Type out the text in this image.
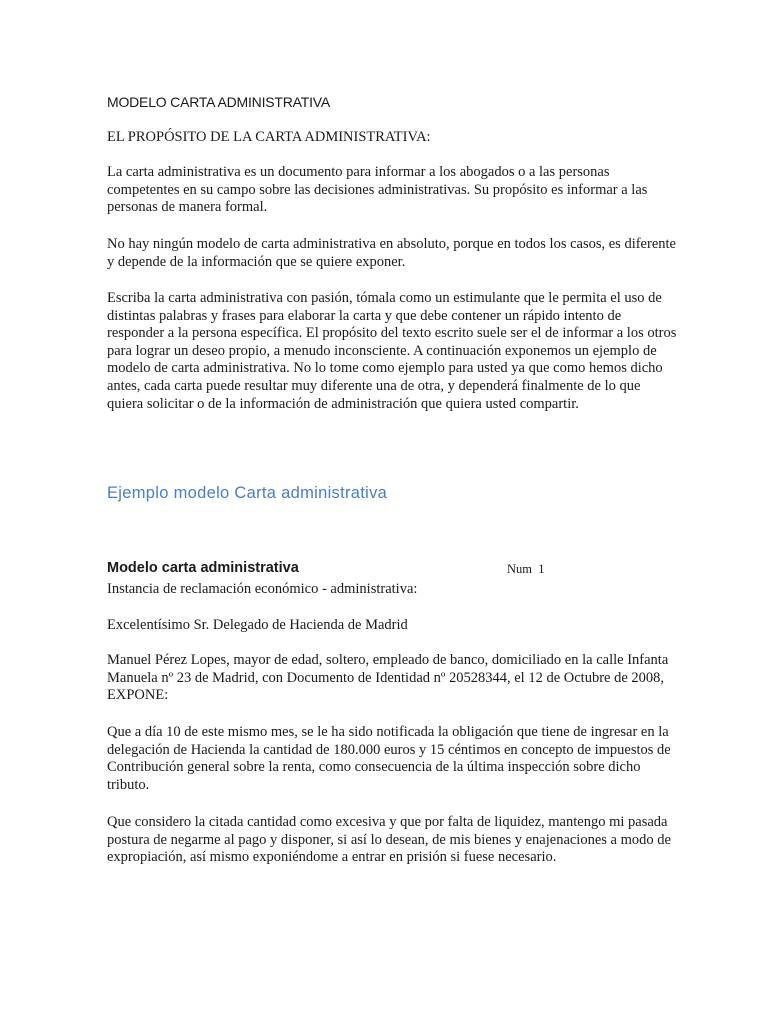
MODELO CARTA ADMINISTRATIVA
EL PROPÓSITO DE LA CARTA ADMINISTRATIVA:

La carta administrativa es un documento para informar a los abogados o a las personas competentes en su campo sobre las decisiones administrativas. Su propósito es informar a las personas de manera formal.

No hay ningún modelo de carta administrativa en absoluto, porque en todos los casos, es diferente y depende de la información que se quiere exponer.

Escriba la carta administrativa con pasión, tómala como un estimulante que le permita el uso de distintas palabras y frases para elaborar la carta y que debe contener un rápido intento de responder a la persona específica. El propósito del texto escrito suele ser el de informar a los otros para lograr un deseo propio, a menudo inconsciente. A continuación exponemos un ejemplo de modelo de carta administrativa. No lo tome como ejemplo para usted ya que como hemos dicho antes, cada carta puede resultar muy diferente una de otra, y dependerá finalmente de lo que quiera solicitar o de la información de administración que quiera usted compartir.

Ejemplo modelo Carta administrativa
Modelo carta administrativa	Num  1
Instancia de reclamación económico - administrativa:
Excelentísimo Sr. Delegado de Hacienda de Madrid

Manuel Pérez Lopes, mayor de edad, soltero, empleado de banco, domiciliado en la calle Infanta Manuela nº 23 de Madrid, con Documento de Identidad nº 20528344, el 12 de Octubre de 2008, EXPONE:

Que a día 10 de este mismo mes, se le ha sido notificada la obligación que tiene de ingresar en la delegación de Hacienda la cantidad de 180.000 euros y 15 céntimos en concepto de impuestos de Contribución general sobre la renta, como consecuencia de la última inspección sobre dicho tributo.

Que considero la citada cantidad como excesiva y que por falta de liquidez, mantengo mi pasada postura de negarme al pago y disponer, si así lo desean, de mis bienes y enajenaciones a modo de expropiación, así mismo exponiéndome a entrar en prisión si fuese necesario.
